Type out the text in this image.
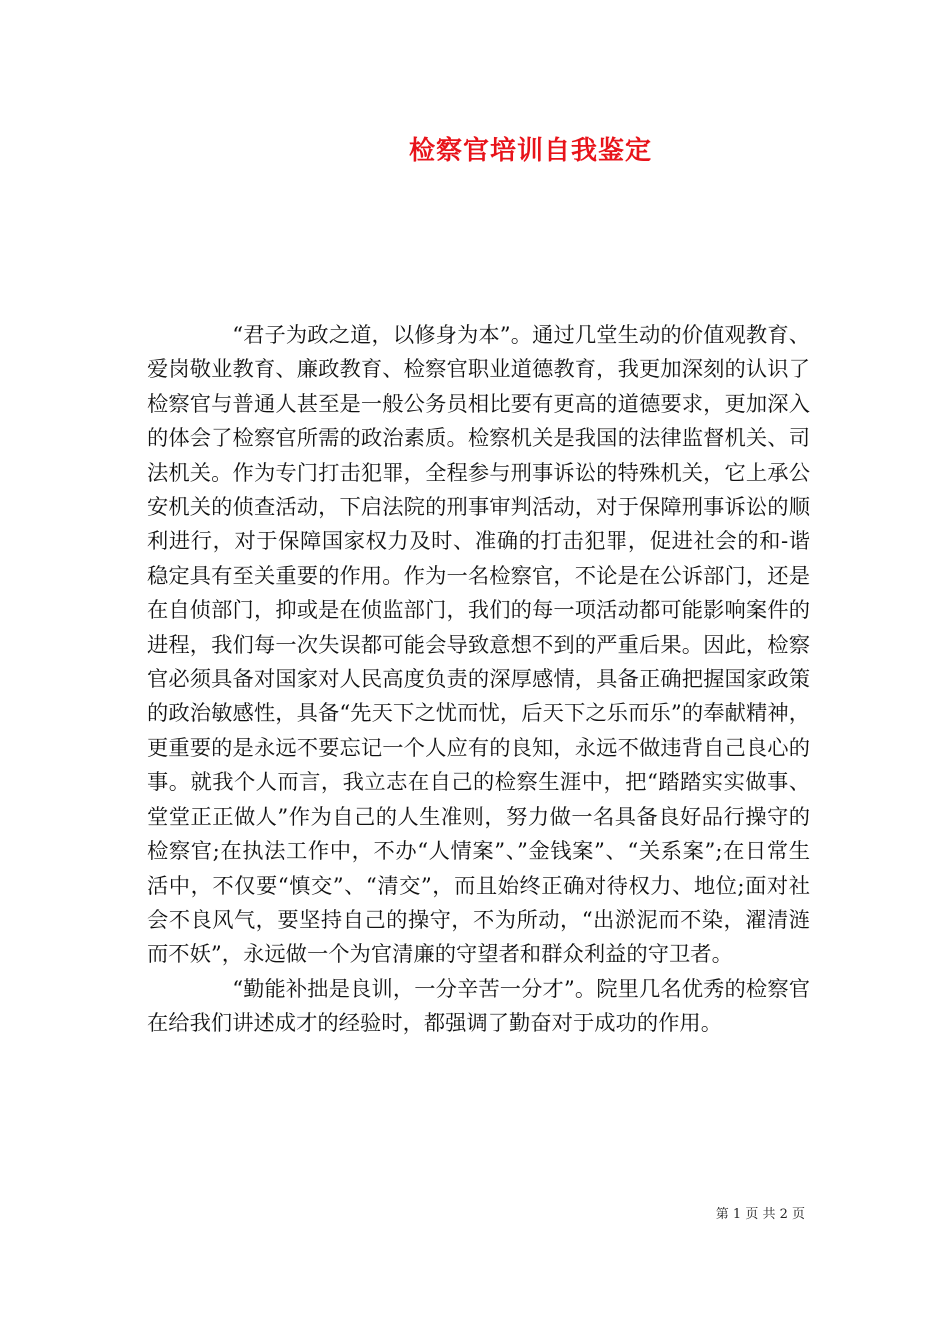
检察官培训自我鉴定

“君子为政之道，以修身为本”。通过几堂生动的价值观教育、爱岗敬业教育、廉政教育、检察官职业道德教育，我更加深刻的认识了检察官与普通人甚至是一般公务员相比要有更高的道德要求，更加深入的体会了检察官所需的政治素质。检察机关是我国的法律监督机关、司法机关。作为专门打击犯罪，全程参与刑事诉讼的特殊机关，它上承公安机关的侦查活动，下启法院的刑事审判活动，对于保障刑事诉讼的顺利进行，对于保障国家权力及时、准确的打击犯罪，促进社会的和-谐稳定具有至关重要的作用。作为一名检察官，不论是在公诉部门，还是在自侦部门，抑或是在侦监部门，我们的每一项活动都可能影响案件的进程，我们每一次失误都可能会导致意想不到的严重后果。因此，检察官必须具备对国家对人民高度负责的深厚感情，具备正确把握国家政策的政治敏感性，具备“先天下之忧而忧，后天下之乐而乐”的奉献精神，更重要的是永远不要忘记一个人应有的良知，永远不做违背自己良心的事。就我个人而言，我立志在自己的检察生涯中，把“踏踏实实做事、堂堂正正做人”作为自己的人生准则，努力做一名具备良好品行操守的检察官;在执法工作中，不办“人情案”、”金钱案”、“关系案”;在日常生活中，不仅要“慎交”、“清交”，而且始终正确对待权力、地位;面对社会不良风气，要坚持自己的操守，不为所动，“出淤泥而不染，濯清涟而不妖”，永远做一个为官清廉的守望者和群众利益的守卫者。

“勤能补拙是良训，一分辛苦一分才”。院里几名优秀的检察官在给我们讲述成才的经验时，都强调了勤奋对于成功的作用。

第 1 页 共 2 页
